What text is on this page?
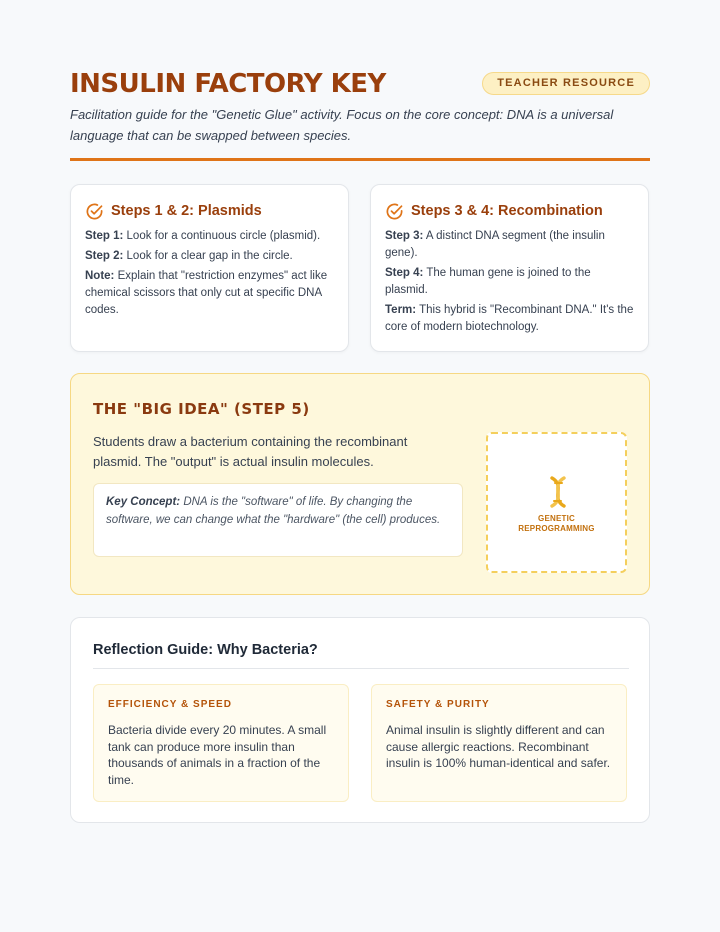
INSULIN FACTORY KEY	TEACHER RESOURCE

Facilitation guide for the "Genetic Glue" activity. Focus on the core concept: DNA is a universal language that can be swapped between species.

Steps 1 & 2: Plasmids

Step 1: Look for a continuous circle (plasmid).

Step 2: Look for a clear gap in the circle.

Note: Explain that "restriction enzymes" act like chemical scissors that only cut at specific DNA codes.

Steps 3 & 4: Recombination

Step 3: A distinct DNA segment (the insulin gene).

Step 4: The human gene is joined to the plasmid.

Term: This hybrid is "Recombinant DNA." It's the core of modern biotechnology.

THE "BIG IDEA" (STEP 5)

Students draw a bacterium containing the recombinant plasmid. The "output" is actual insulin molecules.

Key Concept: DNA is the "software" of life. By changing the software, we can change what the "hardware" (the cell) produces.	GENETIC
REPROGRAMMING
Reflection Guide: Why Bacteria?
EFFICIENCY & SPEED

Bacteria divide every 20 minutes. A small tank can produce more insulin than thousands of animals in a fraction of the time.

SAFETY & PURITY

Animal insulin is slightly different and can cause allergic reactions. Recombinant insulin is 100% human-identical and safer.
